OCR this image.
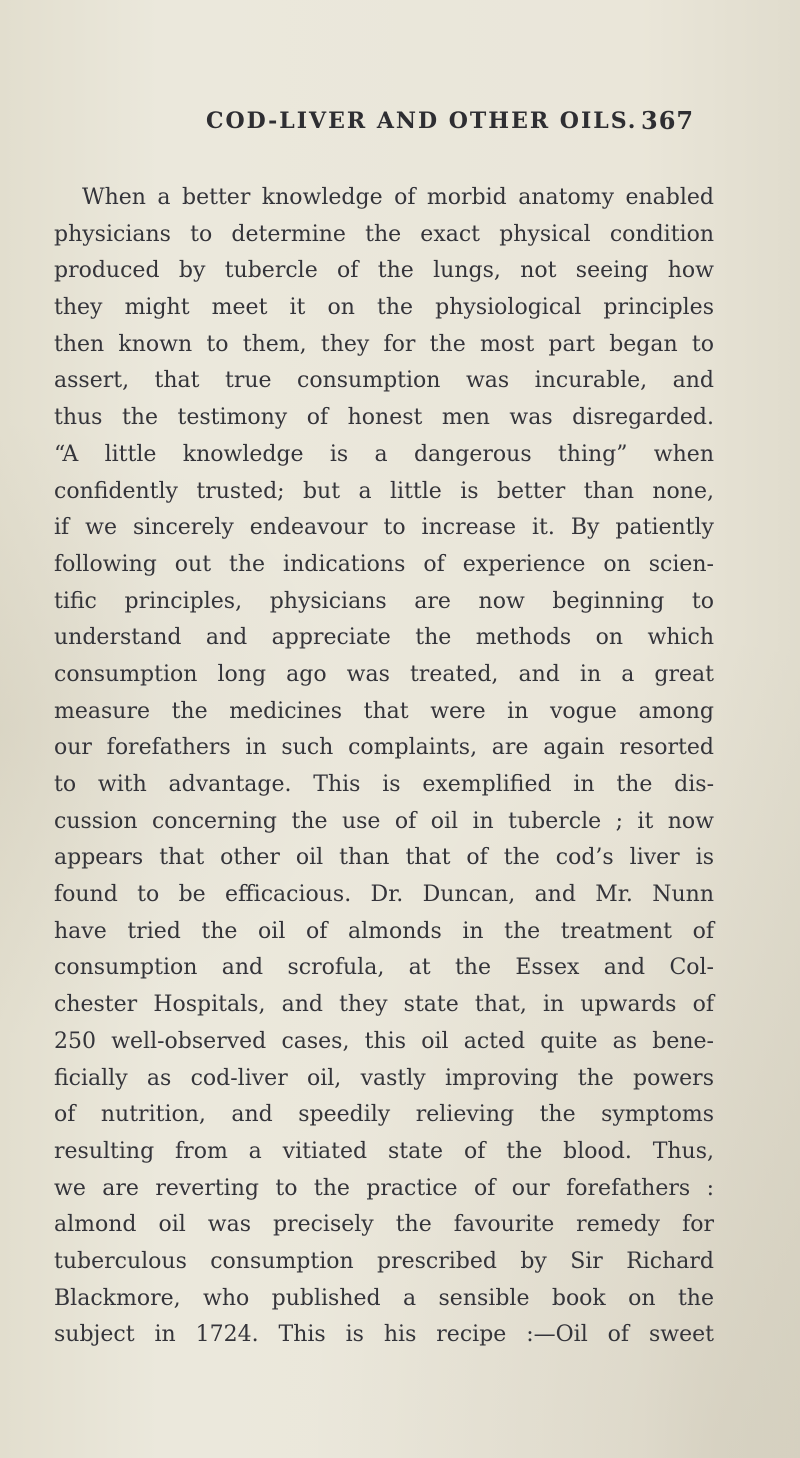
COD-LIVER AND OTHER OILS. 367
When a better knowledge of morbid anatomy enabled
physicians to determine the exact physical condition
produced by tubercle of the lungs, not seeing how
they might meet it on the physiological principles
then known to them, they for the most part began to
assert, that true consumption was incurable, and
thus the testimony of honest men was disregarded.
“A little knowledge is a dangerous thing” when
confidently trusted; but a little is better than none,
if we sincerely endeavour to increase it. By patiently
following out the indications of experience on scien-
tific principles, physicians are now beginning to
understand and appreciate the methods on which
consumption long ago was treated, and in a great
measure the medicines that were in vogue among
our forefathers in such complaints, are again resorted
to with advantage. This is exemplified in the dis-
cussion concerning the use of oil in tubercle ; it now
appears that other oil than that of the cod’s liver is
found to be efficacious. Dr. Duncan, and Mr. Nunn
have tried the oil of almonds in the treatment of
consumption and scrofula, at the Essex and Col-
chester Hospitals, and they state that, in upwards of
250 well-observed cases, this oil acted quite as bene-
ficially as cod-liver oil, vastly improving the powers
of nutrition, and speedily relieving the symptoms
resulting from a vitiated state of the blood. Thus,
we are reverting to the practice of our forefathers :
almond oil was precisely the favourite remedy for
tuberculous consumption prescribed by Sir Richard
Blackmore, who published a sensible book on the
subject in 1724. This is his recipe :—Oil of sweet
